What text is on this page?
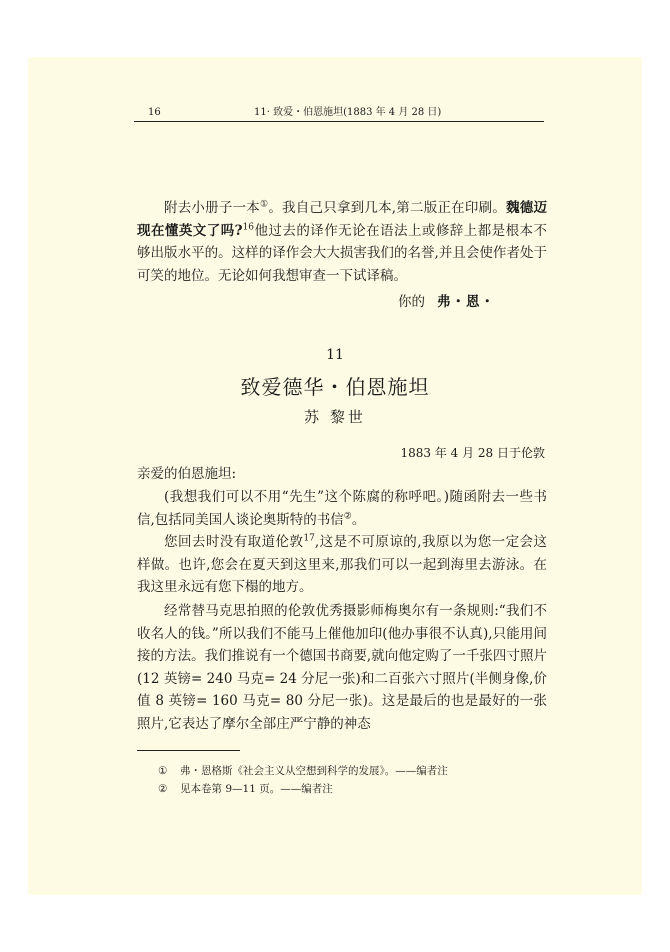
16	11· 致爱・伯恩施坦(1883 年 4 月 28 日)
附去小册子一本①。我自己只拿到几本,第二版正在印刷。魏德迈现在懂英文了吗?$^{16}$他过去的译作无论在语法上或修辞上都是根本不够出版水平的。这样的译作会大大损害我们的名誉,并且会使作者处于可笑的地位。无论如何我想审查一下试译稿。
你的 弗・恩・
11
致爱德华・伯恩施坦
苏 黎世
1883 年 4 月 28 日于伦敦
亲爱的伯恩施坦:
(我想我们可以不用“先生”这个陈腐的称呼吧。)随函附去一些书信,包括同美国人谈论奥斯特的书信②。
您回去时没有取道伦敦$^{17}$,这是不可原谅的,我原以为您一定会这样做。也许,您会在夏天到这里来,那我们可以一起到海里去游泳。在我这里永远有您下榻的地方。
经常替马克思拍照的伦敦优秀摄影师梅奥尔有一条规则:“我们不收名人的钱。”所以我们不能马上催他加印(他办事很不认真),只能用间接的方法。我们推说有一个德国书商要,就向他定购了一千张四寸照片(12 英镑= 240 马克= 24 分尼一张)和二百张六寸照片(半侧身像,价值 8 英镑= 160 马克= 80 分尼一张)。这是最后的也是最好的一张照片,它表达了摩尔全部庄严宁静的神态
① 弗・恩格斯《社会主义从空想到科学的发展》。——编者注
② 见本卷第 9—11 页。——编者注
